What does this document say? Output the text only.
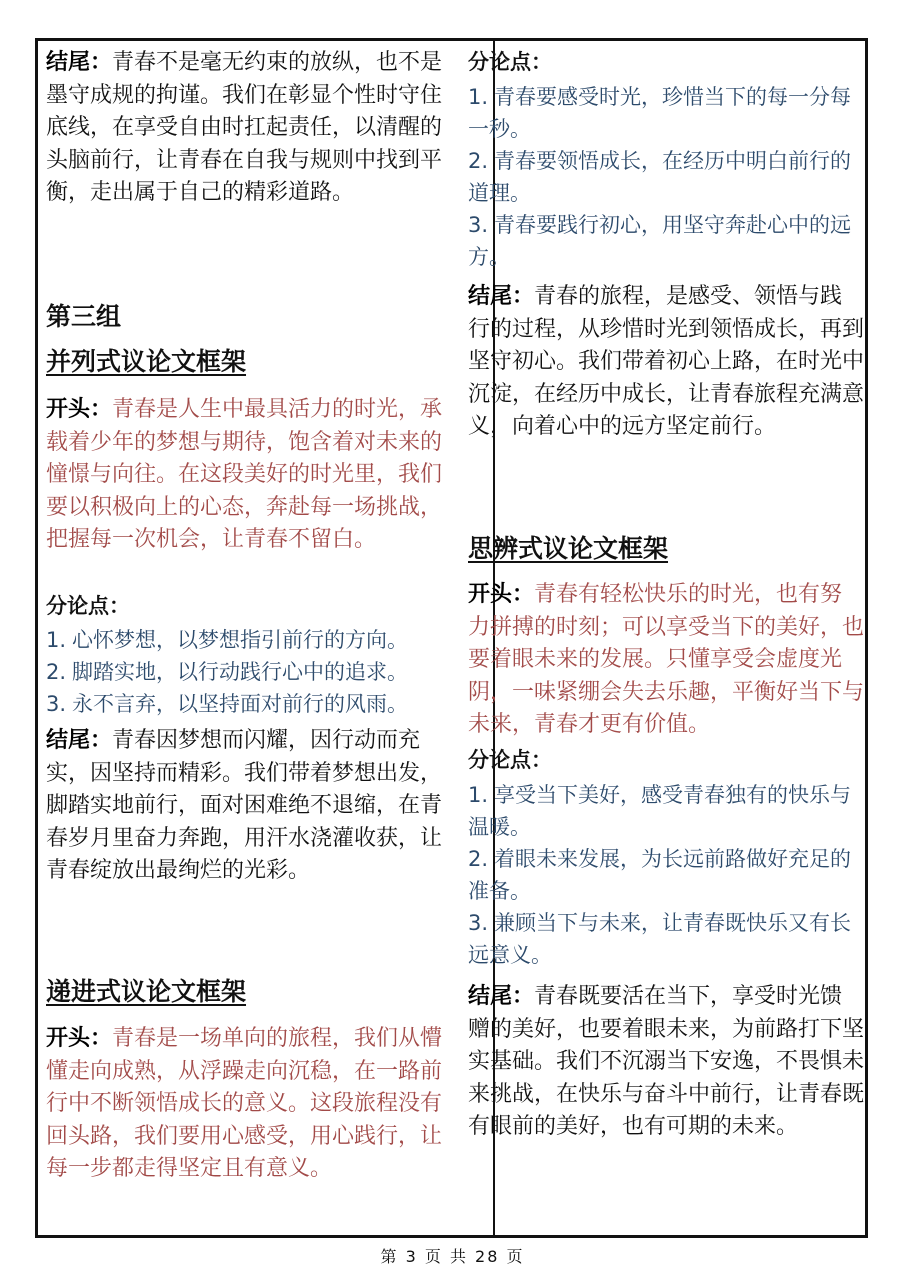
结尾：青春不是毫无约束的放纵，也不是墨守成规的拘谨。我们在彰显个性时守住底线，在享受自由时扛起责任，以清醒的头脑前行，让青春在自我与规则中找到平衡，走出属于自己的精彩道路。

第三组

并列式议论文框架

开头：青春是人生中最具活力的时光，承载着少年的梦想与期待，饱含着对未来的憧憬与向往。在这段美好的时光里，我们要以积极向上的心态，奔赴每一场挑战，把握每一次机会，让青春不留白。

分论点：

1. 心怀梦想，以梦想指引前行的方向。

2. 脚踏实地，以行动践行心中的追求。

3. 永不言弃，以坚持面对前行的风雨。

结尾：青春因梦想而闪耀，因行动而充实，因坚持而精彩。我们带着梦想出发，脚踏实地前行，面对困难绝不退缩，在青春岁月里奋力奔跑，用汗水浇灌收获，让青春绽放出最绚烂的光彩。

递进式议论文框架

开头：青春是一场单向的旅程，我们从懵懂走向成熟，从浮躁走向沉稳，在一路前行中不断领悟成长的意义。这段旅程没有回头路，我们要用心感受，用心践行，让每一步都走得坚定且有意义。

分论点：

1. 青春要感受时光，珍惜当下的每一分每一秒。

2. 青春要领悟成长，在经历中明白前行的道理。

3. 青春要践行初心，用坚守奔赴心中的远方。

结尾：青春的旅程，是感受、领悟与践行的过程，从珍惜时光到领悟成长，再到坚守初心。我们带着初心上路，在时光中沉淀，在经历中成长，让青春旅程充满意义，向着心中的远方坚定前行。

思辨式议论文框架

开头：青春有轻松快乐的时光，也有努力拼搏的时刻；可以享受当下的美好，也要着眼未来的发展。只懂享受会虚度光阴，一味紧绷会失去乐趣，平衡好当下与未来，青春才更有价值。

分论点：

1. 享受当下美好，感受青春独有的快乐与温暖。

2. 着眼未来发展，为长远前路做好充足的准备。

3. 兼顾当下与未来，让青春既快乐又有长远意义。

结尾：青春既要活在当下，享受时光馈赠的美好，也要着眼未来，为前路打下坚实基础。我们不沉溺当下安逸，不畏惧未来挑战，在快乐与奋斗中前行，让青春既有眼前的美好，也有可期的未来。

第 3 页 共 28 页
